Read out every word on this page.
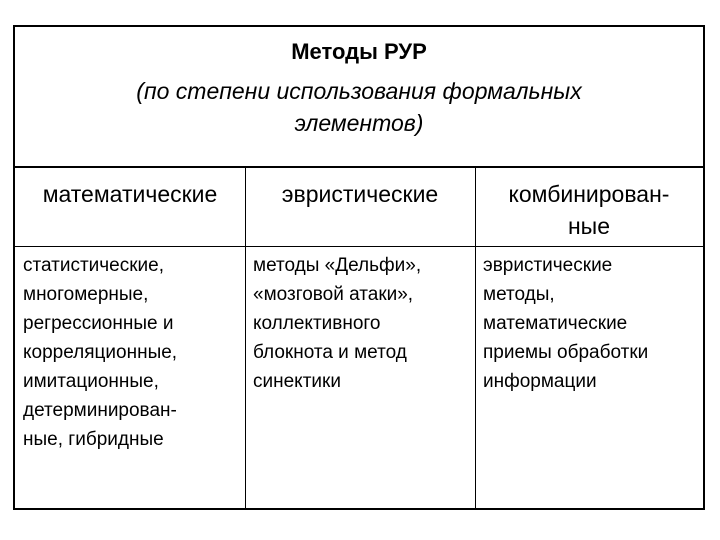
Методы РУР
(по степени использования формальных
элементов)
математические	эвристические	комбинирован-
ные
статистические,
многомерные,
регрессионные и
корреляционные,
имитационные,
детерминирован-
ные, гибридные
методы «Дельфи»,
«мозговой атаки»,
коллективного
блокнота и метод
синектики
эвристические
методы,
математические
приемы обработки
информации
